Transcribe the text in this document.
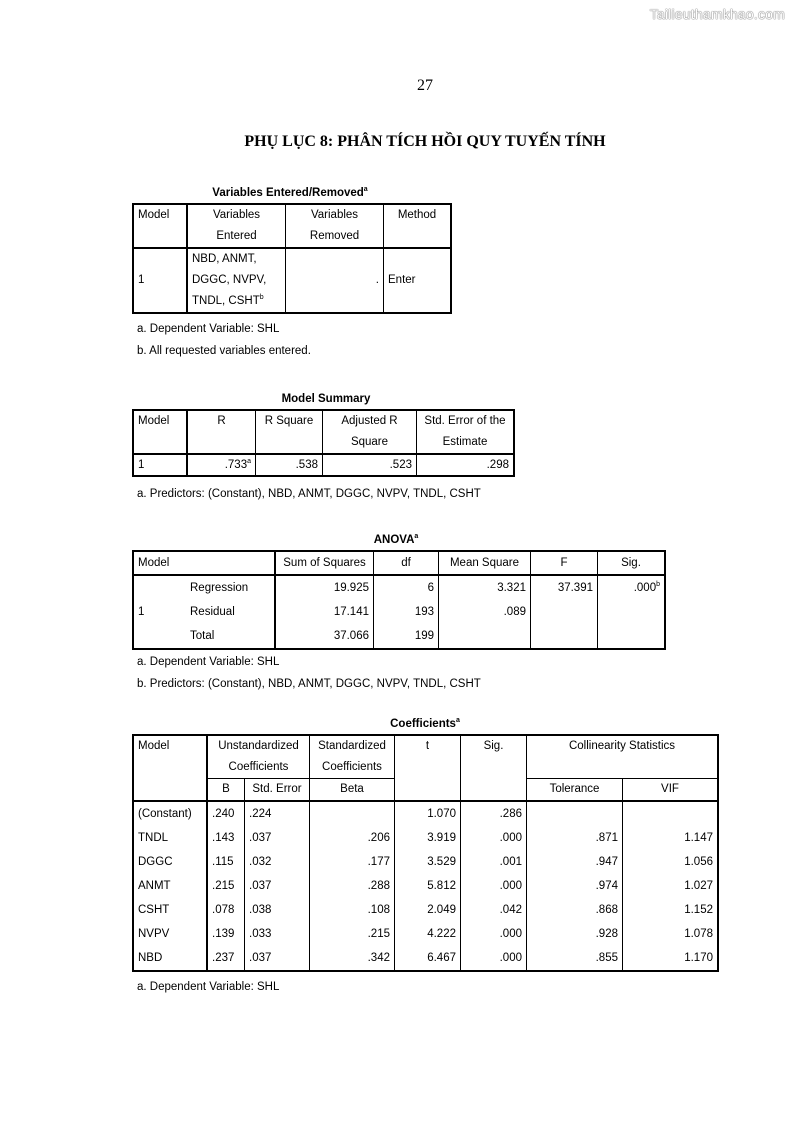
Tailieuthamkhao.com
27
PHỤ LỤC 8: PHÂN TÍCH HỒI QUY TUYẾN TÍNH
Variables Entered/Removed$^a$
Model	Variables Entered	Variables Removed	Method
1	NBD, ANMT,
DGGC, NVPV,
TNDL, CSHT$^b$	.	Enter
a. Dependent Variable: SHL
b. All requested variables entered.
Model Summary
Model	R	R Square	Adjusted R Square	Std. Error of the Estimate
1	.733$^a$	.538	.523	.298
a. Predictors: (Constant), NBD, ANMT, DGGC, NVPV, TNDL, CSHT
ANOVA$^a$
Model		Sum of Squares	df	Mean Square	F	Sig.
1	Regression	19.925	6	3.321	37.391	.000$^b$
	Residual	17.141	193	.089		
	Total	37.066	199			
a. Dependent Variable: SHL
b. Predictors: (Constant), NBD, ANMT, DGGC, NVPV, TNDL, CSHT
Coefficients$^a$
Model	Unstandardized Coefficients		Standardized Coefficients	t	Sig.	Collinearity Statistics	
	B	Std. Error	Beta			Tolerance	VIF
(Constant)	.240	.224		1.070	.286		
TNDL	.143	.037	.206	3.919	.000	.871	1.147
DGGC	.115	.032	.177	3.529	.001	.947	1.056
ANMT	.215	.037	.288	5.812	.000	.974	1.027
CSHT	.078	.038	.108	2.049	.042	.868	1.152
NVPV	.139	.033	.215	4.222	.000	.928	1.078
NBD	.237	.037	.342	6.467	.000	.855	1.170
a. Dependent Variable: SHL
